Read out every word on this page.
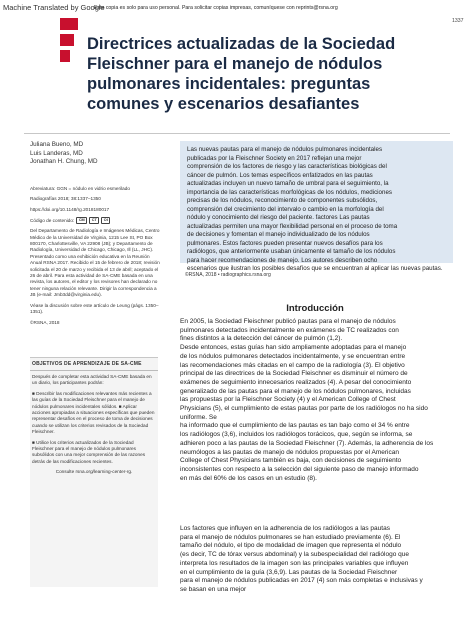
Machine Translated by Google
Esta copia es solo para uso personal. Para solicitar copias impresas, comuníquese con reprints@rsna.org
1337
Directrices actualizadas de la Sociedad Fleischner para el manejo de nódulos pulmonares incidentales: preguntas comunes y escenarios desafiantes
Juliana Bueno, MD
Luis Landeras, MD
Jonathan H. Chung, MD

Abreviatura: GGN = nódulo en vidrio esmerilado

Radiografías 2018; 38:1337–1350

https://doi.org/10.1148/rg.2018180017

Código de contenido:	CM	CT	OI

Del Departamento de Radiología e Imágenes Médicas, Centro Médico de la Universidad de Virginia, 1215 Lee St, PO Box 800170, Charlottesville, VA 22908 (JB); y Departamento de Radiología, Universidad de Chicago, Chicago, Ill (LL, JHC). Presentado como una exhibición educativa en la Reunión Anual RSNA 2017. Recibido el 15 de febrero de 2018; revisión solicitada el 20 de marzo y recibida el 13 de abril; aceptado el 26 de abril. Para esta actividad de SA-CME basada en una revista, los autores, el editor y los revisores han declarado no tener ninguna relación relevante. Dirigir la correspondencia a JB (e-mail: Jmb3dd@virginia.edu).

Véase la discusión sobre este artículo de Leung (págs. 1350–1351).

©RSNA, 2018

OBJETIVOS DE APRENDIZAJE DE SA-CME

Después de completar esta actividad SA-CME basada en un diario, los participantes podrán:

■ Describir las modificaciones relevantes más recientes a las guías de la Sociedad Fleischner para el manejo de nódulos pulmonares incidentales sólidos. ■ Aplicar acciones apropiadas a situaciones específicas que pueden representar desafíos en el proceso de toma de decisiones cuando se utilizan los criterios revisados de la Sociedad Fleischner.

■ Utilice los criterios actualizados de la Sociedad Fleischner para el manejo de nódulos pulmonares subsólidos con una mejor comprensión de las razones detrás de las modificaciones recientes.

Consulte rsna.org/learning-center-rg.

Las nuevas pautas para el manejo de nódulos pulmonares incidentales
publicadas por la Fleischner Society en 2017 reflejan una mejor
comprensión de los factores de riesgo y las características biológicas del
cáncer de pulmón. Los temas específicos enfatizados en las pautas
actualizadas incluyen un nuevo tamaño de umbral para el seguimiento, la
importancia de las características morfológicas de los nódulos, mediciones
precisas de los nódulos, reconocimiento de componentes subsólidos,
comprensión del crecimiento del intervalo o cambio en la morfología del
nódulo y conocimiento del riesgo del paciente. factores Las pautas
actualizadas permiten una mayor flexibilidad personal en el proceso de toma
de decisiones y fomentan el manejo individualizado de los nódulos
pulmonares. Estos factores pueden presentar nuevos desafíos para los
radiólogos, que anteriormente usaban únicamente el tamaño de los nódulos
para hacer recomendaciones de manejo. Los autores describen ocho
escenarios que ilustran los posibles desafíos que se encuentran al aplicar las nuevas pautas.
©RSNA, 2018 • radiographics.rsna.org
Introducción
En 2005, la Sociedad Fleischner publicó pautas para el manejo de nódulos
pulmonares detectados incidentalmente en exámenes de TC realizados con
fines distintos a la detección del cáncer de pulmón (1,2).
Desde entonces, estas guías han sido ampliamente adoptadas para el manejo
de los nódulos pulmonares detectados incidentalmente, y se encuentran entre
las recomendaciones más citadas en el campo de la radiología (3). El objetivo
principal de las directrices de la Sociedad Fleischner es disminuir el número de
exámenes de seguimiento innecesarios realizados (4). A pesar del conocimiento
generalizado de las pautas para el manejo de los nódulos pulmonares, incluidas
las propuestas por la Fleischner Society (4) y el American College of Chest
Physicians (5), el cumplimiento de estas pautas por parte de los radiólogos no ha sido uniforme. Se
ha informado que el cumplimiento de las pautas es tan bajo como el 34 % entre
los radiólogos (3,6), incluidos los radiólogos torácicos, que, según se informa, se
adhieren poco a las pautas de la Sociedad Fleischner (7). Además, la adherencia de los
neumólogos a las pautas de manejo de nódulos propuestas por el American
College of Chest Physicians también es baja, con decisiones de seguimiento
inconsistentes con respecto a la selección del siguiente paso de manejo informado
en más del 60% de los casos en un estudio (8).
Los factores que influyen en la adherencia de los radiólogos a las pautas
para el manejo de nódulos pulmonares se han estudiado previamente (6). El
tamaño del nódulo, el tipo de modalidad de imagen que representa el nódulo
(es decir, TC de tórax versus abdominal) y la subespecialidad del radiólogo que
interpreta los resultados de la imagen son las principales variables que influyen
en el cumplimiento de la guía (3,6,9). Las pautas de la Sociedad Fleischner
para el manejo de nódulos publicadas en 2017 (4) son más completas e inclusivas y
se basan en una mejor
